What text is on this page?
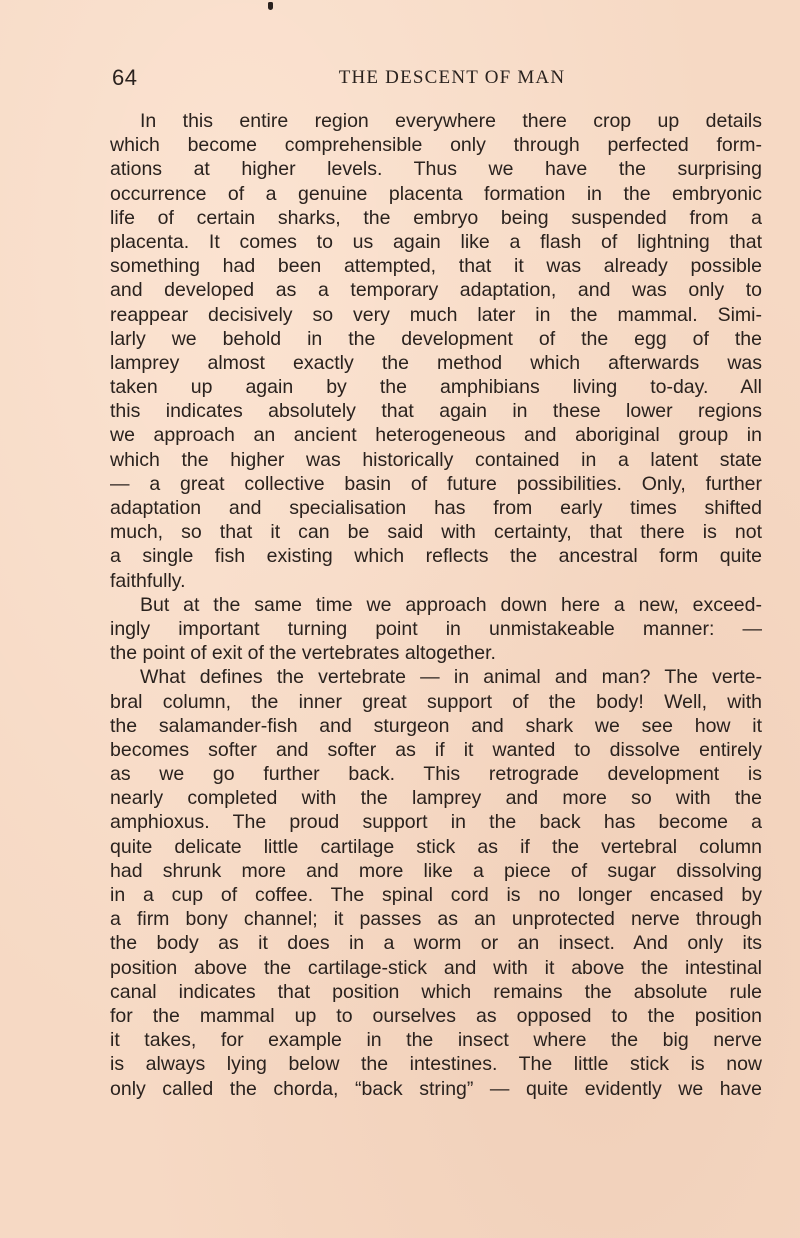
64	THE DESCENT OF MAN
In this entire region everywhere there crop up details
which become comprehensible only through perfected form-
ations at higher levels. Thus we have the surprising
occurrence of a genuine placenta formation in the embryonic
life of certain sharks, the embryo being suspended from a
placenta. It comes to us again like a flash of lightning that
something had been attempted, that it was already possible
and developed as a temporary adaptation, and was only to
reappear decisively so very much later in the mammal. Simi-
larly we behold in the development of the egg of the
lamprey almost exactly the method which afterwards was
taken up again by the amphibians living to-day. All
this indicates absolutely that again in these lower regions
we approach an ancient heterogeneous and aboriginal group in
which the higher was historically contained in a latent state
— a great collective basin of future possibilities. Only, further
adaptation and specialisation has from early times shifted
much, so that it can be said with certainty, that there is not
a single fish existing which reflects the ancestral form quite
faithfully.
But at the same time we approach down here a new, exceed-
ingly important turning point in unmistakeable manner: —
the point of exit of the vertebrates altogether.
What defines the vertebrate — in animal and man? The verte-
bral column, the inner great support of the body! Well, with
the salamander-fish and sturgeon and shark we see how it
becomes softer and softer as if it wanted to dissolve entirely
as we go further back. This retrograde development is
nearly completed with the lamprey and more so with the
amphioxus. The proud support in the back has become a
quite delicate little cartilage stick as if the vertebral column
had shrunk more and more like a piece of sugar dissolving
in a cup of coffee. The spinal cord is no longer encased by
a firm bony channel; it passes as an unprotected nerve through
the body as it does in a worm or an insect. And only its
position above the cartilage-stick and with it above the intestinal
canal indicates that position which remains the absolute rule
for the mammal up to ourselves as opposed to the position
it takes, for example in the insect where the big nerve
is always lying below the intestines. The little stick is now
only called the chorda, “back string” — quite evidently we have
